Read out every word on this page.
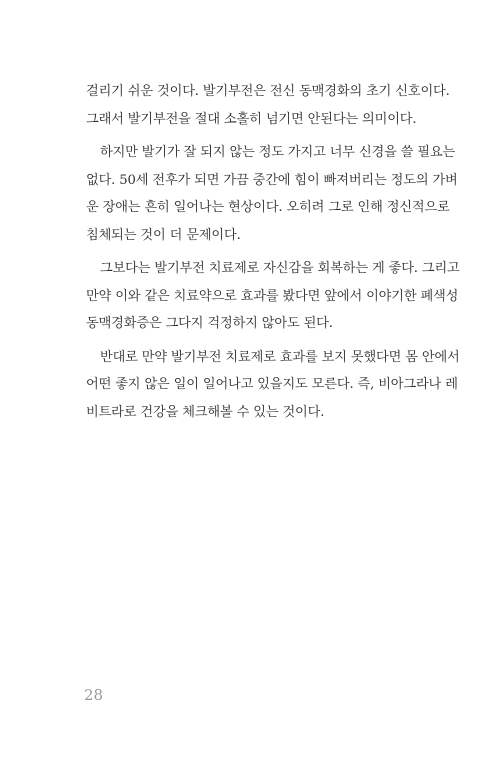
걸리기 쉬운 것이다. 발기부전은 전신 동맥경화의 초기 신호이다.
그래서 발기부전을 절대 소홀히 넘기면 안된다는 의미이다.

하지만 발기가 잘 되지 않는 정도 가지고 너무 신경을 쓸 필요는
없다. 50세 전후가 되면 가끔 중간에 힘이 빠져버리는 정도의 가벼
운 장애는 흔히 일어나는 현상이다. 오히려 그로 인해 정신적으로
침체되는 것이 더 문제이다.

그보다는 발기부전 치료제로 자신감을 회복하는 게 좋다. 그리고
만약 이와 같은 치료약으로 효과를 봤다면 앞에서 이야기한 폐색성
동맥경화증은 그다지 걱정하지 않아도 된다.

반대로 만약 발기부전 치료제로 효과를 보지 못했다면 몸 안에서
어떤 좋지 않은 일이 일어나고 있을지도 모른다. 즉, 비아그라나 레
비트라로 건강을 체크해볼 수 있는 것이다.

28
